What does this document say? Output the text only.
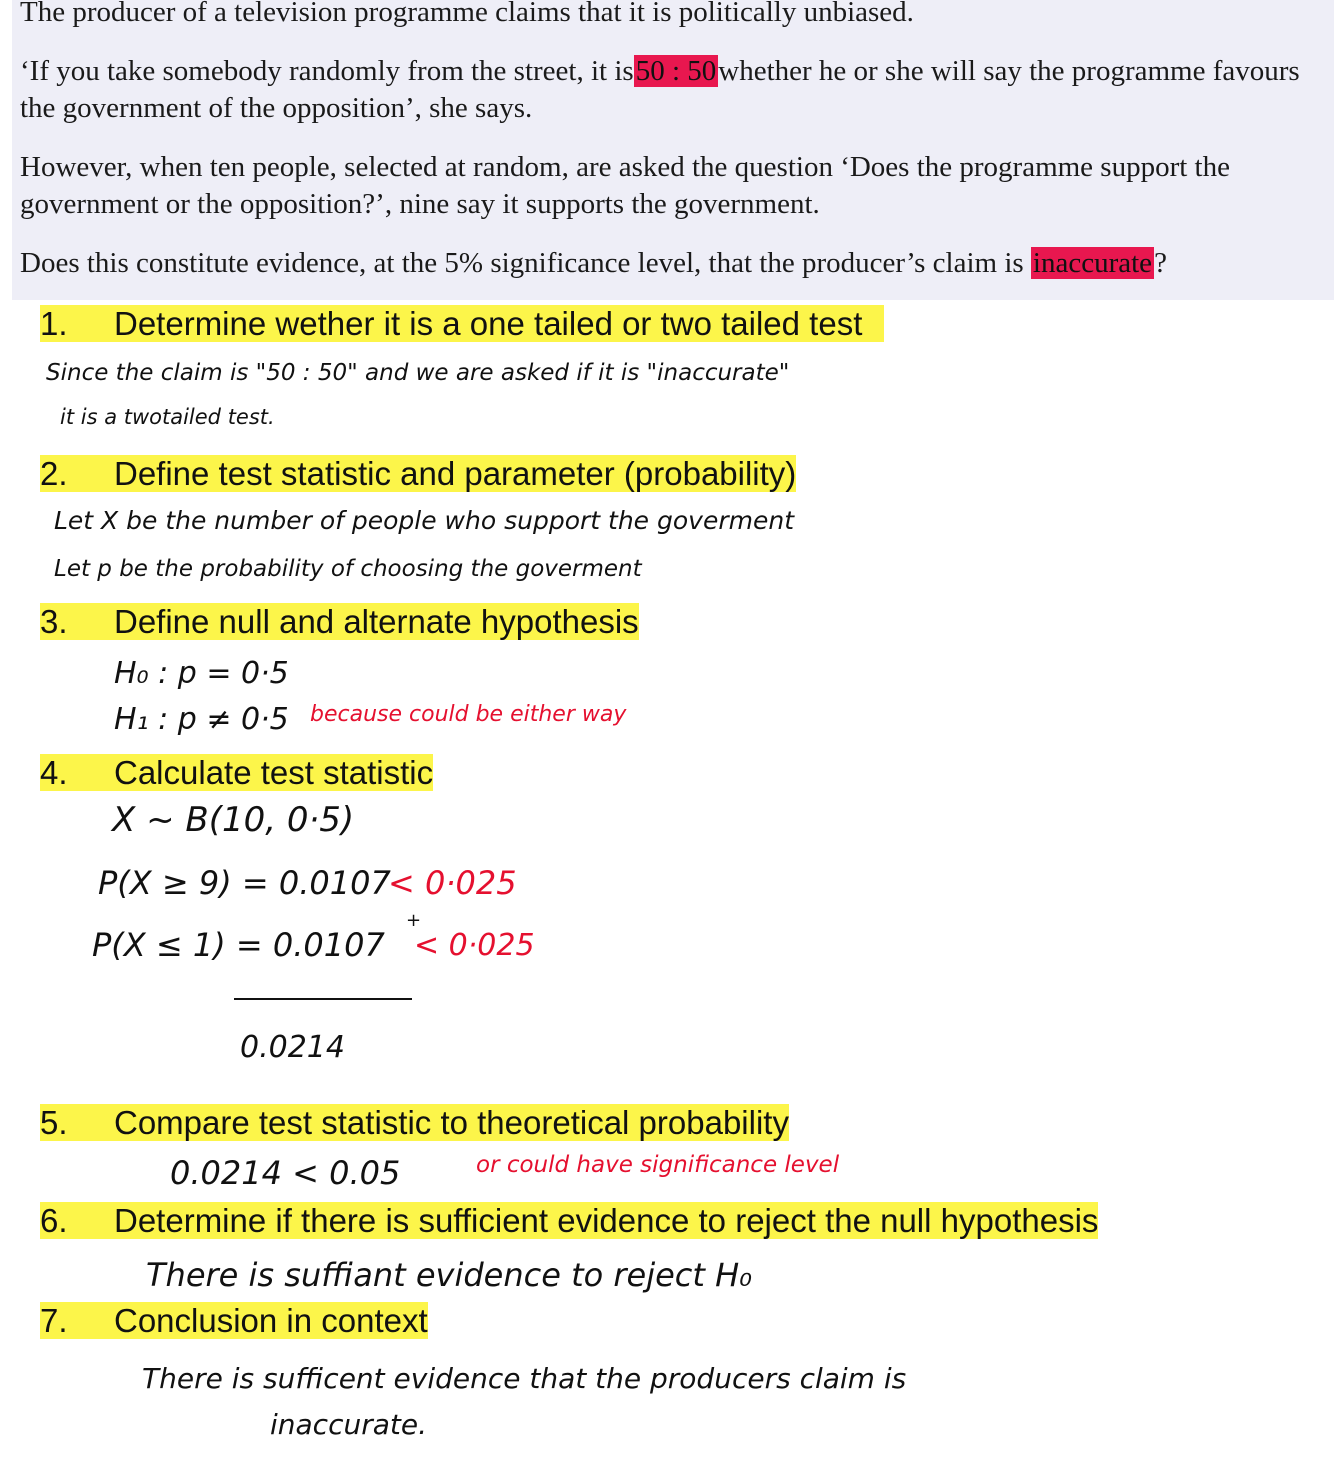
The producer of a television programme claims that it is politically unbiased.

‘If you take somebody randomly from the street, it is50 : 50whether he or she will say the programme favours the government of the opposition’, she says.

However, when ten people, selected at random, are asked the question ‘Does the programme support the government or the opposition?’, nine say it supports the government.

Does this constitute evidence, at the 5% significance level, that the producer’s claim is inaccurate?

1. Determine wether it is a one tailed or two tailed test
Since the claim is "50 : 50" and we are asked if it is "inaccurate"
it is a twotailed test.
2. Define test statistic and parameter (probability)
Let X be the number of people who support the goverment
Let p be the probability of choosing the goverment
3. Define null and alternate hypothesis
H₀ : p = 0·5
H₁ : p ≠ 0·5 because could be either way
4. Calculate test statistic
X ~ B(10, 0·5)
P(X ≥ 9) = 0.0107
< 0·025
P(X ≤ 1) = 0.0107
+
< 0·025
0.0214
5. Compare test statistic to theoretical probability
0.0214 < 0.05	or could have significance level
6. Determine if there is sufficient evidence to reject the null hypothesis
There is suffiant evidence to reject H₀
7. Conclusion in context
There is sufficent evidence that the producers claim is
inaccurate.
